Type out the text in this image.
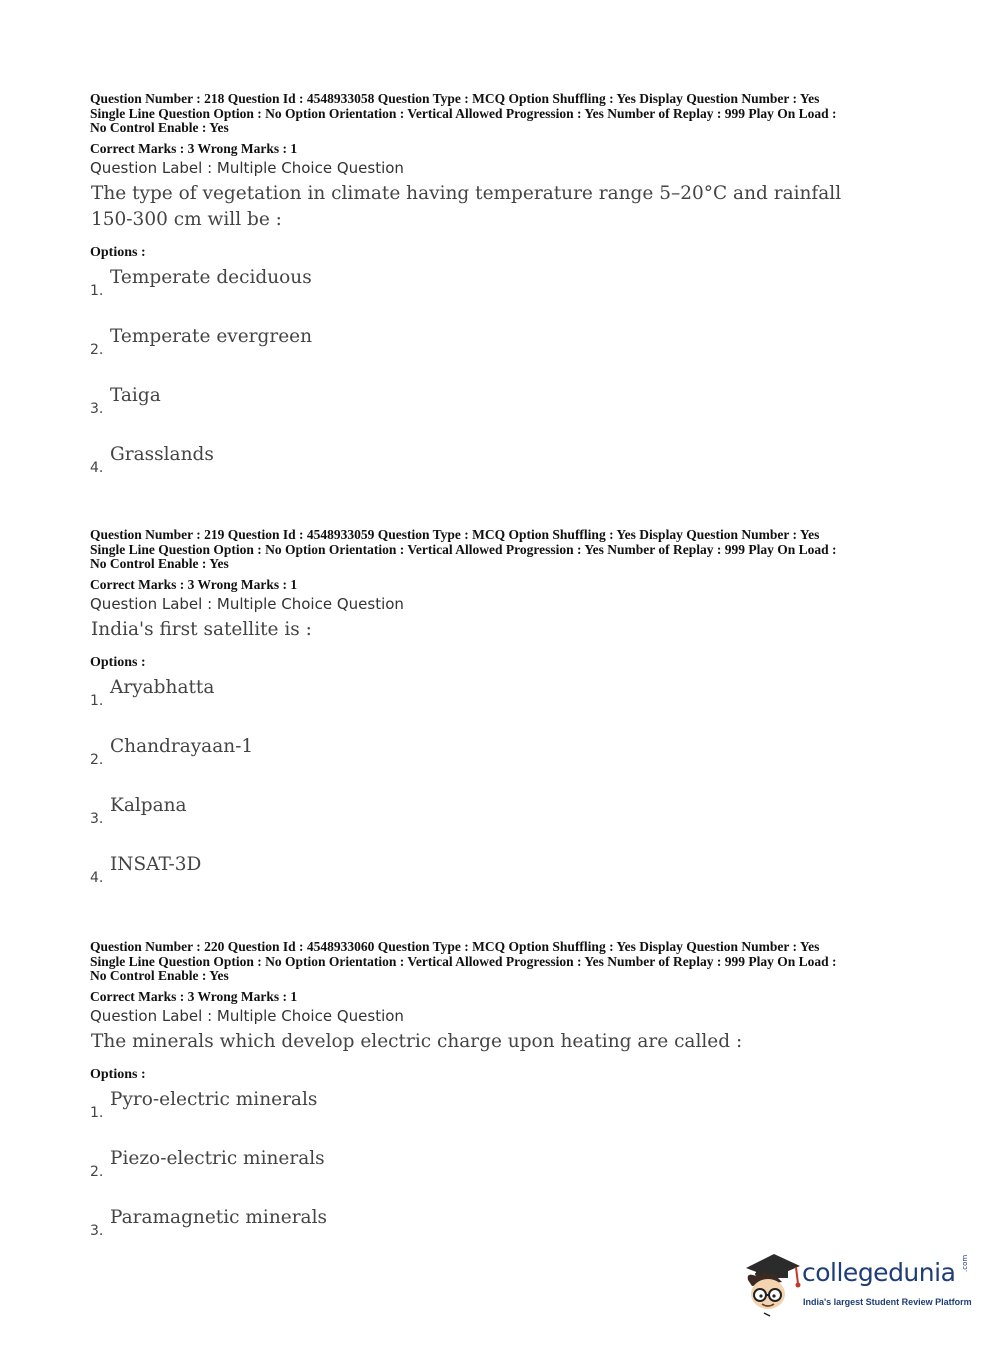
Question Number : 218 Question Id : 4548933058 Question Type : MCQ Option Shuffling : Yes Display Question Number : Yes
Single Line Question Option : No Option Orientation : Vertical Allowed Progression : Yes Number of Replay : 999 Play On Load :
No Control Enable : Yes
Correct Marks : 3 Wrong Marks : 1
Question Label : Multiple Choice Question
The type of vegetation in climate having temperature range 5–20°C and rainfall
150-300 cm will be :
Options :
1.
Temperate deciduous
2.
Temperate evergreen
3.
Taiga
4.
Grasslands
Question Number : 219 Question Id : 4548933059 Question Type : MCQ Option Shuffling : Yes Display Question Number : Yes
Single Line Question Option : No Option Orientation : Vertical Allowed Progression : Yes Number of Replay : 999 Play On Load :
No Control Enable : Yes
Correct Marks : 3 Wrong Marks : 1
Question Label : Multiple Choice Question
India's first satellite is :
Options :
1.
Aryabhatta
2.
Chandrayaan-1
3.
Kalpana
4.
INSAT-3D
Question Number : 220 Question Id : 4548933060 Question Type : MCQ Option Shuffling : Yes Display Question Number : Yes
Single Line Question Option : No Option Orientation : Vertical Allowed Progression : Yes Number of Replay : 999 Play On Load :
No Control Enable : Yes
Correct Marks : 3 Wrong Marks : 1
Question Label : Multiple Choice Question
The minerals which develop electric charge upon heating are called :
Options :
1.
Pyro-electric minerals
2.
Piezo-electric minerals
3.
Paramagnetic minerals
collegedunia .com
India's largest Student Review Platform
